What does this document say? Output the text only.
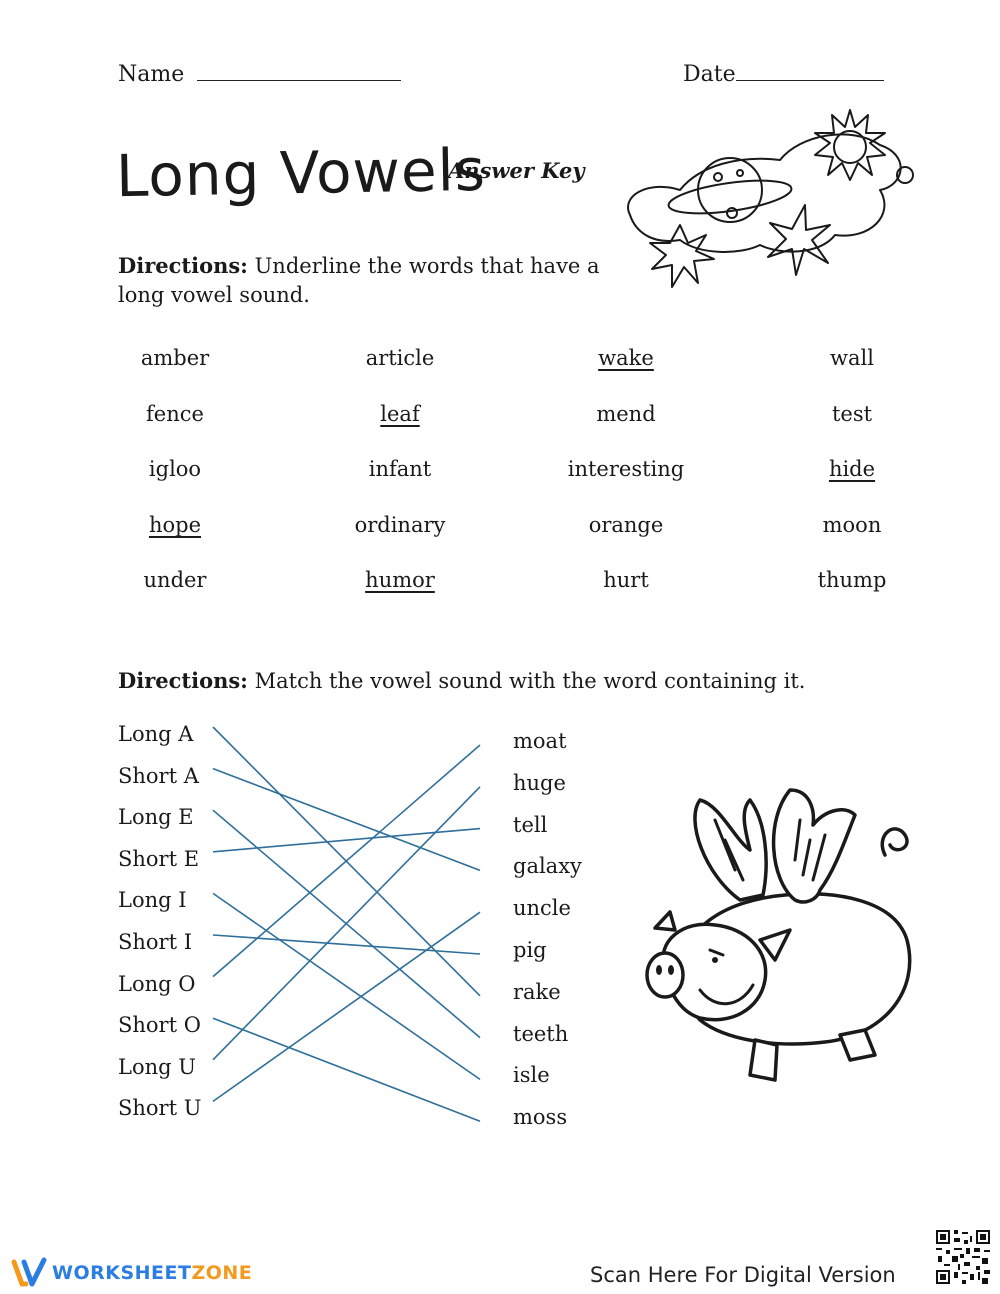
Name	Date
Long Vowels
Answer Key
Directions: Underline the words that have a long vowel sound.
amber	article	wake	wall
fence	leaf	mend	test
igloo	infant	interesting	hide
hope	ordinary	orange	moon
under	humor	hurt	thump
Directions: Match the vowel sound with the word containing it.
Long A
Short A
Long E
Short E
Long I
Short I
Long O
Short O
Long U
Short U
moat
huge
tell
galaxy
uncle
pig
rake
teeth
isle
moss
WORKSHEETZONE	Scan Here For Digital Version
